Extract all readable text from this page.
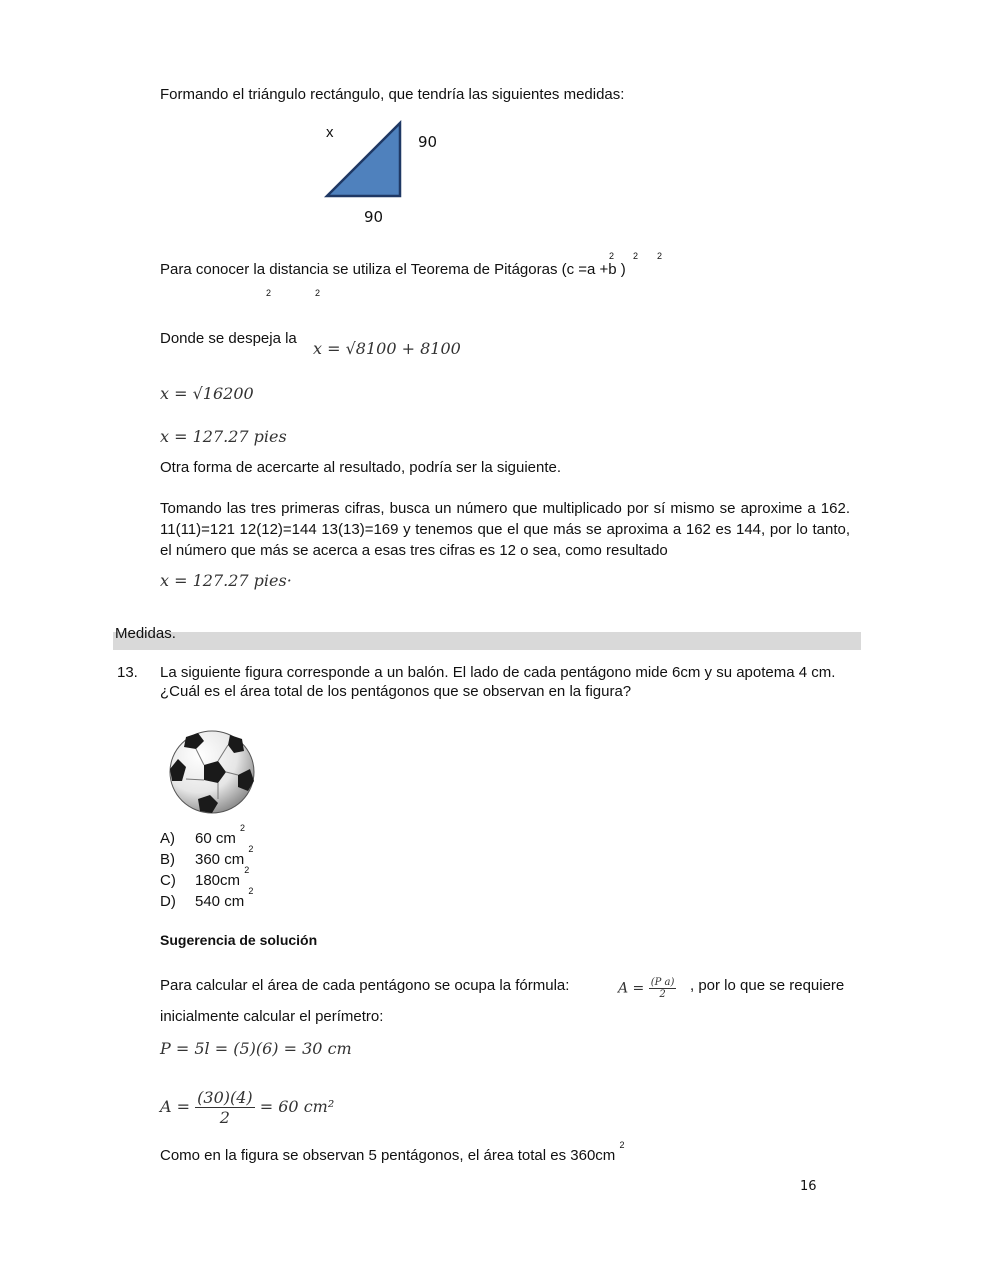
Formando el triángulo rectángulo, que tendría las siguientes medidas:
x
90
90
2 2 2
Para conocer la distancia se utiliza el Teorema de Pitágoras (c =a +b )
2	2
Donde se despeja la
x = √8100 + 8100
x = √16200
x = 127.27 pies
Otra forma de acercarte al resultado, podría ser la siguiente.
Tomando las tres primeras cifras, busca un número que multiplicado por sí mismo se aproxime a 162. 11(11)=121 12(12)=144 13(13)=169 y tenemos que el que más se aproxima a 162 es 144, por lo tanto, el número que más se acerca a esas tres cifras es 12 o sea, como resultado
x = 127.27 pies·
Medidas.
13. La siguiente figura corresponde a un balón. El lado de cada pentágono mide 6cm y su apotema 4 cm. ¿Cuál es el área total de los pentágonos que se observan en la figura?
A) 60 cm $^2$
B) 360 cm $^2$
C) 180cm $^2$
D) 540 cm $^2$
Sugerencia de solución
Para calcular el área de cada pentágono se ocupa la fórmula:	$A = \frac{\text{(P a)}}{2}$ , por lo que se requiere
inicialmente calcular el perímetro:
P = 5l = (5)(6) = 30 cm
$A = \frac{(30)(4)}{2} = 60$ cm²
Como en la figura se observan 5 pentágonos, el área total es 360cm $^2$
16
